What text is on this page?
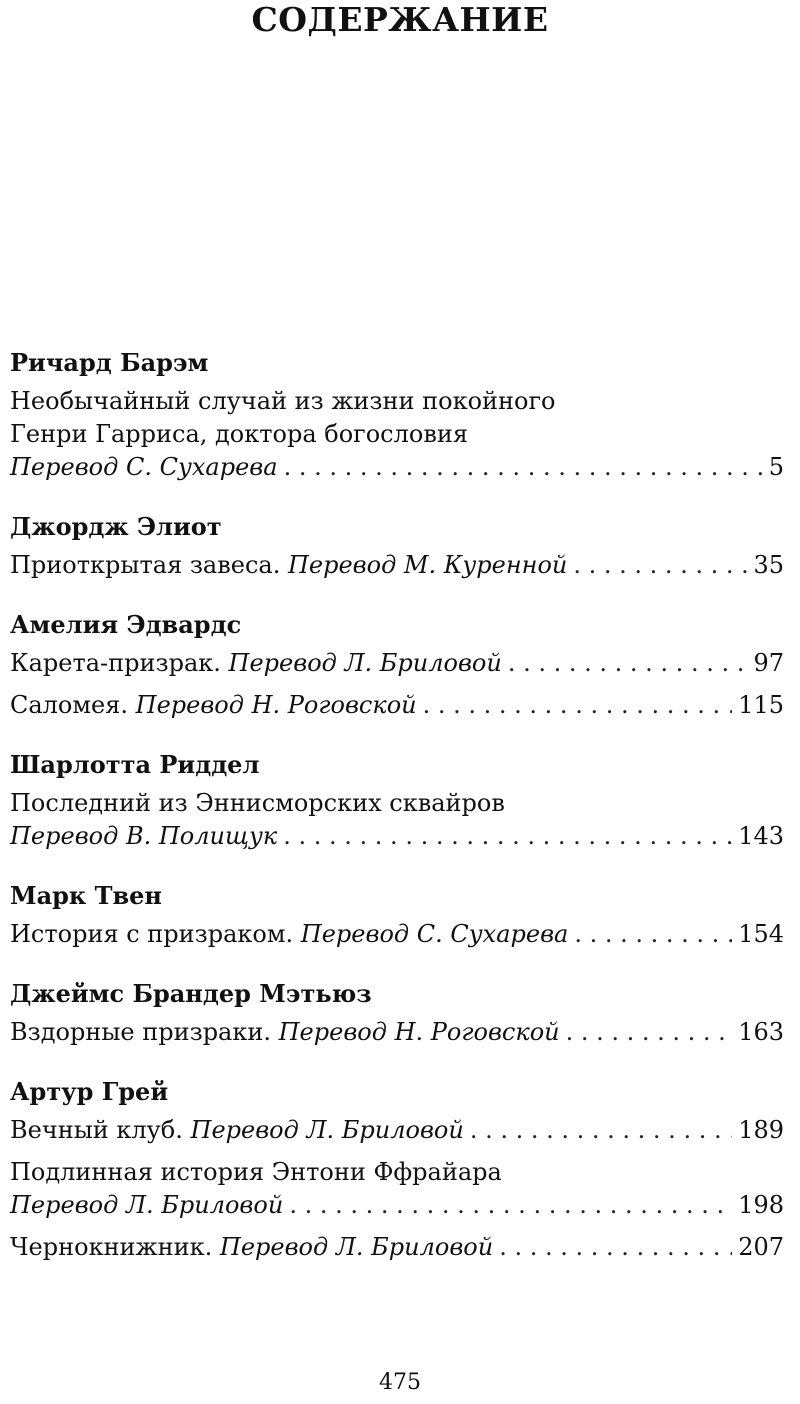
СОДЕРЖАНИЕ
Ричард Барэм
Необычайный случай из жизни покойного
Генри Гарриса, доктора богословия
Перевод С. Сухарева . . .	5
Джордж Элиот
Приоткрытая завеса. Перевод М. Куренной . . .	35
Амелия Эдвардс
Карета-призрак. Перевод Л. Бриловой . . .	97
Саломея. Перевод Н. Роговской . . .	115
Шарлотта Риддел
Последний из Эннисморских сквайров
Перевод В. Полищук . . .	143
Марк Твен
История с призраком. Перевод С. Сухарева . . .	154
Джеймс Брандер Мэтьюз
Вздорные призраки. Перевод Н. Роговской . . .	163
Артур Грей
Вечный клуб. Перевод Л. Бриловой . . .	189
Подлинная история Энтони Ффрайара
Перевод Л. Бриловой . . .	198
Чернокнижник. Перевод Л. Бриловой . . .	207
475
